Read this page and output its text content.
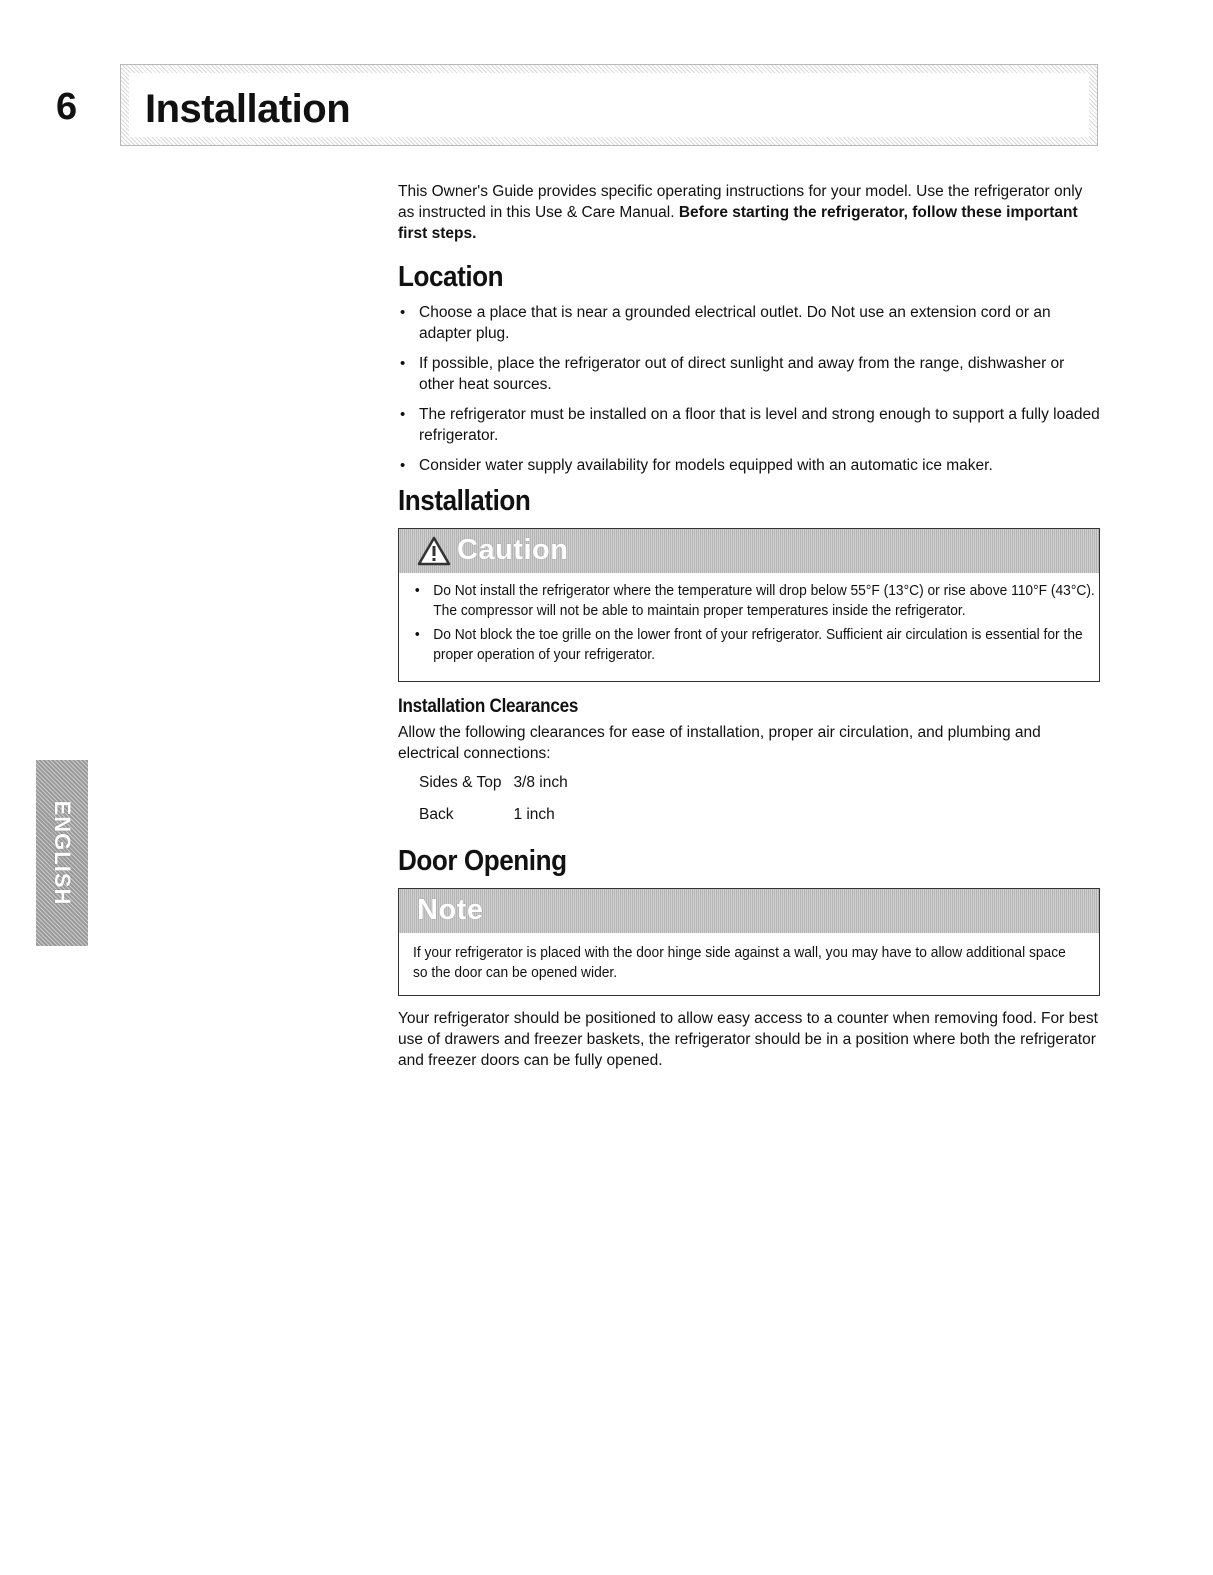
6 Installation
ENGLISH

This Owner's Guide provides specific operating instructions for your model. Use the refrigerator only as instructed in this Use & Care Manual. Before starting the refrigerator, follow these important first steps.

Location
• Choose a place that is near a grounded electrical outlet. Do Not use an extension cord or an adapter plug.
• If possible, place the refrigerator out of direct sunlight and away from the range, dishwasher or other heat sources.
• The refrigerator must be installed on a floor that is level and strong enough to support a fully loaded refrigerator.
• Consider water supply availability for models equipped with an automatic ice maker.
Installation
Caution
• Do Not install the refrigerator where the temperature will drop below 55°F (13°C) or rise above 110°F (43°C). The compressor will not be able to maintain proper temperatures inside the refrigerator.
• Do Not block the toe grille on the lower front of your refrigerator. Sufficient air circulation is essential for the proper operation of your refrigerator.
Installation Clearances

Allow the following clearances for ease of installation, proper air circulation, and plumbing and electrical connections:

Sides & Top	3/8 inch
Back	1 inch
Door Opening
Note

If your refrigerator is placed with the door hinge side against a wall, you may have to allow additional space so the door can be opened wider.

Your refrigerator should be positioned to allow easy access to a counter when removing food. For best use of drawers and freezer baskets, the refrigerator should be in a position where both the refrigerator and freezer doors can be fully opened.
